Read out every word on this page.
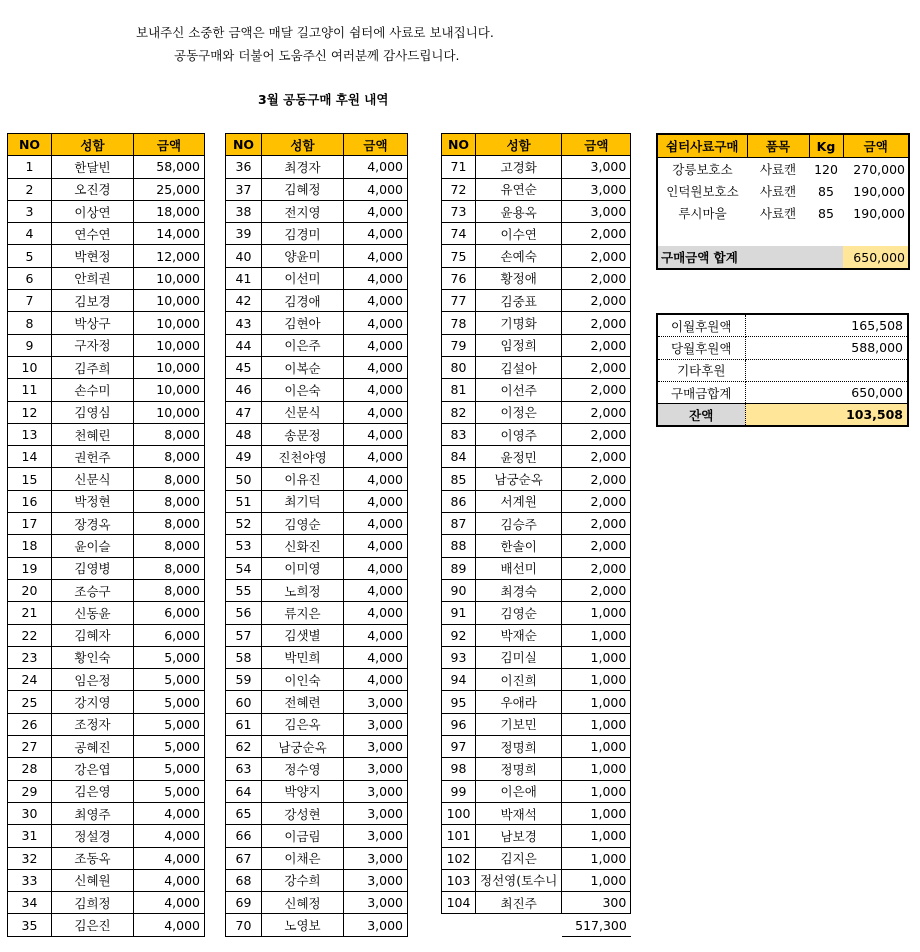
보내주신 소중한 금액은 매달 길고양이 쉼터에 사료로 보내집니다.
공동구매와 더불어 도움주신 여러분께 감사드립니다.
3월 공동구매 후원 내역
NO	성함	금액
1	한달빈	58,000
2	오진경	25,000
3	이상연	18,000
4	연수연	14,000
5	박현정	12,000
6	안희권	10,000
7	김보경	10,000
8	박상구	10,000
9	구자정	10,000
10	김주희	10,000
11	손수미	10,000
12	김영심	10,000
13	천혜린	8,000
14	권헌주	8,000
15	신문식	8,000
16	박정현	8,000
17	장경옥	8,000
18	윤이슬	8,000
19	김영병	8,000
20	조승구	8,000
21	신동윤	6,000
22	김혜자	6,000
23	황인숙	5,000
24	임은정	5,000
25	강지영	5,000
26	조정자	5,000
27	공혜진	5,000
28	강은엽	5,000
29	김은영	5,000
30	최영주	4,000
31	정설경	4,000
32	조동옥	4,000
33	신혜원	4,000
34	김희정	4,000
35	김은진	4,000
NO	성함	금액
36	최경자	4,000
37	김혜정	4,000
38	전지영	4,000
39	김경미	4,000
40	양윤미	4,000
41	이선미	4,000
42	김경애	4,000
43	김현아	4,000
44	이은주	4,000
45	이복순	4,000
46	이은숙	4,000
47	신문식	4,000
48	송문정	4,000
49	진천야영	4,000
50	이유진	4,000
51	최기덕	4,000
52	김영순	4,000
53	신화진	4,000
54	이미영	4,000
55	노희정	4,000
56	류지은	4,000
57	김샛별	4,000
58	박민희	4,000
59	이인숙	4,000
60	전혜련	3,000
61	김은옥	3,000
62	남궁순옥	3,000
63	정수영	3,000
64	박양지	3,000
65	강성현	3,000
66	이금림	3,000
67	이채은	3,000
68	강수희	3,000
69	신혜정	3,000
70	노영보	3,000
NO	성함	금액
71	고경화	3,000
72	유연순	3,000
73	윤용옥	3,000
74	이수연	2,000
75	손예숙	2,000
76	황정애	2,000
77	김중표	2,000
78	기명화	2,000
79	임정희	2,000
80	김설아	2,000
81	이선주	2,000
82	이정은	2,000
83	이영주	2,000
84	윤정민	2,000
85	남궁순옥	2,000
86	서계원	2,000
87	김승주	2,000
88	한솔이	2,000
89	배선미	2,000
90	최경숙	2,000
91	김영순	1,000
92	박재순	1,000
93	김미실	1,000
94	이진희	1,000
95	우애라	1,000
96	기보민	1,000
97	정명희	1,000
98	정명희	1,000
99	이은애	1,000
100	박재석	1,000
101	남보경	1,000
102	김지은	1,000
103	정선영(토수니	1,000
104	최진주	300
		517,300
쉼터사료구매	품목	Kg	금액
강릉보호소	사료캔	120	270,000
인덕원보호소	사료캔	85	190,000
루시마을	사료캔	85	190,000

구매금액 합계			650,000
이월후원액	165,508
당월후원액	588,000
기타후원	
구매금합계	650,000
잔액	103,508
